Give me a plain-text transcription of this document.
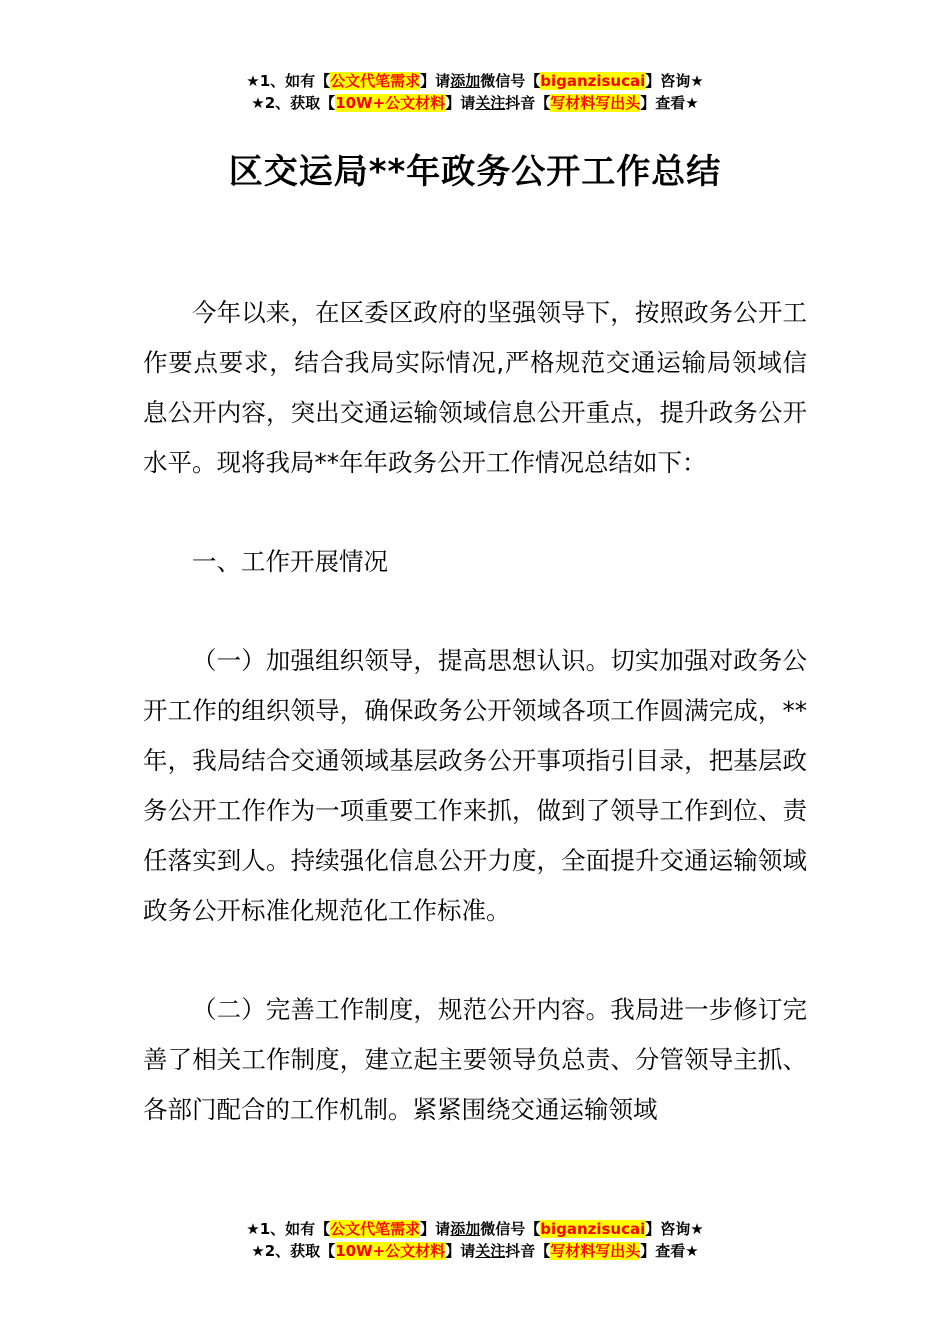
★1、如有【公文代笔需求】请添加微信号【biganzisucai】咨询★
★2、获取【10W+公文材料】请关注抖音【写材料写出头】查看★
区交运局**年政务公开工作总结

今年以来，在区委区政府的坚强领导下，按照政务公开工作要点要求，结合我局实际情况,严格规范交通运输局领域信息公开内容，突出交通运输领域信息公开重点，提升政务公开水平。现将我局**年年政务公开工作情况总结如下：

一、工作开展情况

（一）加强组织领导，提高思想认识。切实加强对政务公开工作的组织领导，确保政务公开领域各项工作圆满完成，**年，我局结合交通领域基层政务公开事项指引目录，把基层政务公开工作作为一项重要工作来抓，做到了领导工作到位、责任落实到人。持续强化信息公开力度，全面提升交通运输领域政务公开标准化规范化工作标准。

（二）完善工作制度，规范公开内容。我局进一步修订完善了相关工作制度，建立起主要领导负总责、分管领导主抓、各部门配合的工作机制。紧紧围绕交通运输领域

★1、如有【公文代笔需求】请添加微信号【biganzisucai】咨询★
★2、获取【10W+公文材料】请关注抖音【写材料写出头】查看★
